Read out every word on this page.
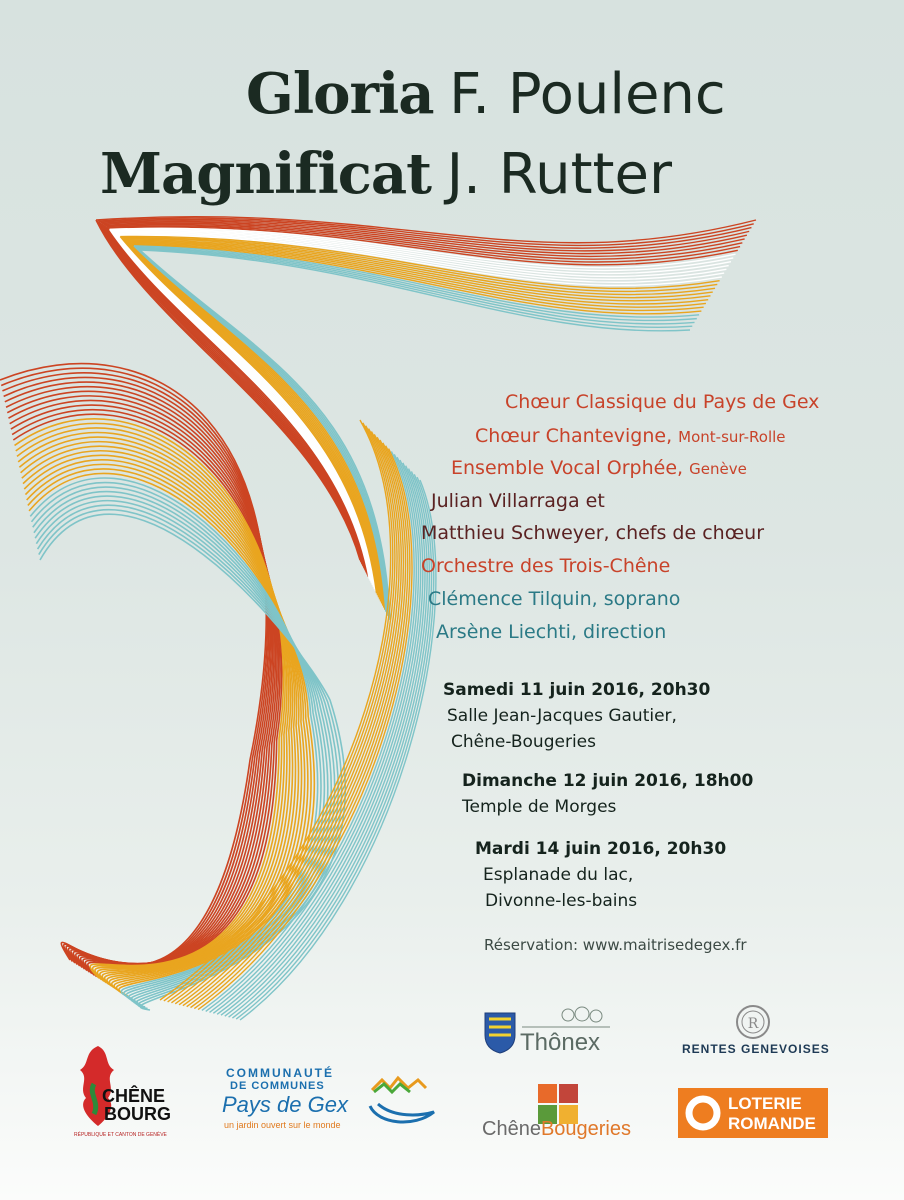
Gloria F. Poulenc
Magnificat J. Rutter
Chœur Classique du Pays de Gex
Chœur Chantevigne, Mont-sur-Rolle
Ensemble Vocal Orphée, Genève
Julian Villarraga et
Matthieu Schweyer, chefs de chœur
Orchestre des Trois-Chêne
Clémence Tilquin, soprano
Arsène Liechti, direction
Samedi 11 juin 2016, 20h30
Salle Jean-Jacques Gautier,
Chêne-Bougeries
Dimanche 12 juin 2016, 18h00
Temple de Morges
Mardi 14 juin 2016, 20h30
Esplanade du lac,
Divonne-les-bains
Réservation: www.maitrisedegex.fr
Thônex
R
RENTES GENEVOISES
CHÊNE
BOURG
RÉPUBLIQUE ET CANTON DE GENÈVE
COMMUNAUTÉ
DE COMMUNES
Pays de Gex
un jardin ouvert sur le monde	ChêneBougeries
LOTERIE
ROMANDE
